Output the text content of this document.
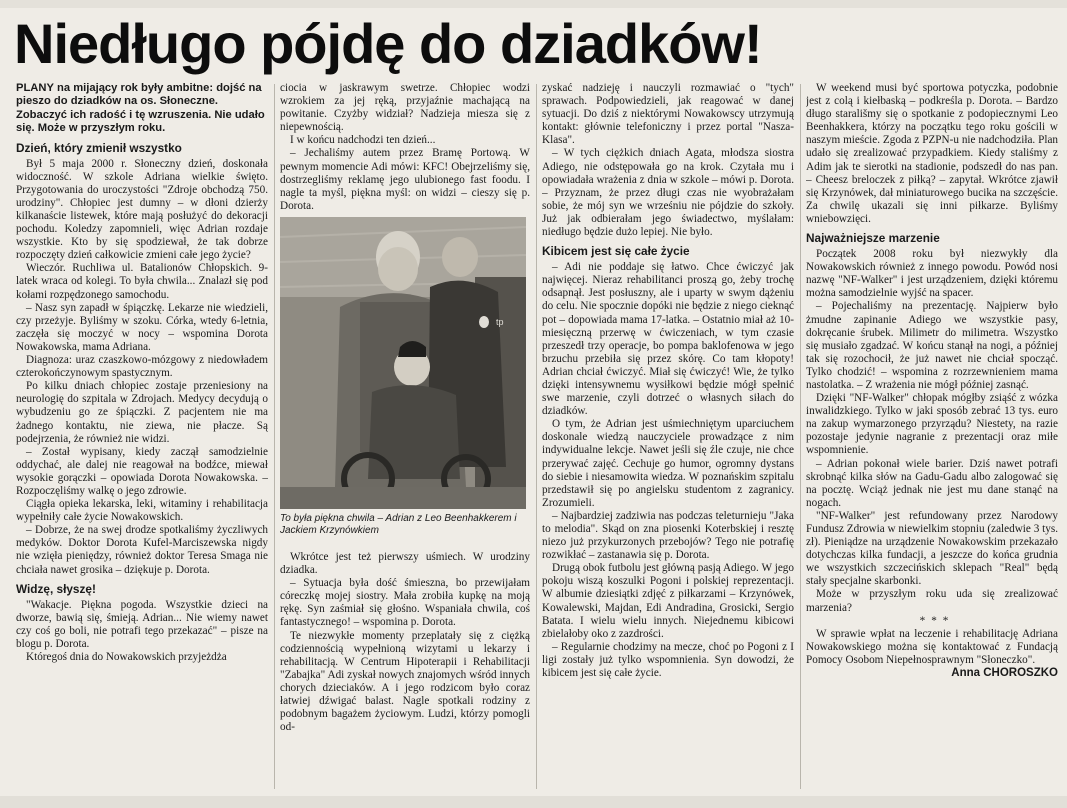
Niedługo pójdę do dziadków!

PLANY na mijający rok były ambitne: dojść na pieszo do dziadków na os. Słoneczne. Zobaczyć ich radość i tę wzruszenia. Nie udało się. Może w przyszłym roku.

Dzień, który zmienił wszystko

Był 5 maja 2000 r. Słoneczny dzień, doskonała widoczność. W szkole Adriana wielkie święto. Przygotowania do uroczystości "Zdroje obchodzą 750. urodziny". Chłopiec jest dumny – w dłoni dzierży kilkanaście listewek, które mają posłużyć do dekoracji pochodu. Koledzy zapomnieli, więc Adrian rozdaje wszystkie. Kto by się spodziewał, że tak dobrze rozpoczęty dzień całkowicie zmieni całe jego życie?

Wieczór. Ruchliwa ul. Batalionów Chłopskich. 9-latek wraca od kolegi. To była chwila... Znalazł się pod kołami rozpędzonego samochodu.

– Nasz syn zapadł w śpiączkę. Lekarze nie wiedzieli, czy przeżyje. Byliśmy w szoku. Córka, wtedy 6-letnia, zaczęła się moczyć w nocy – wspomina Dorota Nowakowska, mama Adriana.

Diagnoza: uraz czaszkowo-mózgowy z niedowładem czterokończynowym spastycznym.

Po kilku dniach chłopiec zostaje przeniesiony na neurologię do szpitala w Zdrojach. Medycy decydują o wybudzeniu go ze śpiączki. Z pacjentem nie ma żadnego kontaktu, nie ziewa, nie płacze. Są podejrzenia, że również nie widzi.

– Został wypisany, kiedy zaczął samodzielnie oddychać, ale dalej nie reagował na bodźce, miewał wysokie gorączki – opowiada Dorota Nowakowska. – Rozpoczęliśmy walkę o jego zdrowie.

Ciągła opieka lekarska, leki, witaminy i rehabilitacja wypełniły całe życie Nowakowskich.

– Dobrze, że na swej drodze spotkaliśmy życzliwych medyków. Doktor Dorota Kufel-Marciszewska nigdy nie wzięła pieniędzy, również doktor Teresa Smaga nie chciała nawet grosika – dziękuje p. Dorota.

Widzę, słyszę!

"Wakacje. Piękna pogoda. Wszystkie dzieci na dworze, bawią się, śmieją. Adrian... Nie wiemy nawet czy coś go boli, nie potrafi tego przekazać" – pisze na blogu p. Dorota.

Któregoś dnia do Nowakowskich przyjeżdża

ciocia w jaskrawym swetrze. Chłopiec wodzi wzrokiem za jej ręką, przyjaźnie machającą na powitanie. Czyżby widział? Nadzieja miesza się z niepewnością.

I w końcu nadchodzi ten dzień...

– Jechaliśmy autem przez Bramę Portową. W pewnym momencie Adi mówi: KFC! Obejrzeliśmy się, dostrzegliśmy reklamę jego ulubionego fast foodu. I nagle ta myśl, piękna myśl: on widzi – cieszy się p. Dorota.

tp
To była piękna chwila – Adrian z Leo Beenhakkerem i Jackiem Krzynówkiem

Wkrótce jest też pierwszy uśmiech. W urodziny dziadka.

– Sytuacja była dość śmieszna, bo przewijałam córeczkę mojej siostry. Mała zrobiła kupkę na moją rękę. Syn zaśmiał się głośno. Wspaniała chwila, coś fantastycznego! – wspomina p. Dorota.

Te niezwykłe momenty przeplatały się z ciężką codziennością wypełnioną wizytami u lekarzy i rehabilitacją. W Centrum Hipoterapii i Rehabilitacji "Zabajka" Adi zyskał nowych znajomych wśród innych chorych dzieciaków. A i jego rodzicom było coraz łatwiej dźwigać balast. Nagle spotkali rodziny z podobnym bagażem życiowym. Ludzi, którzy pomogli od-

zyskać nadzieję i nauczyli rozmawiać o "tych" sprawach. Podpowiedzieli, jak reagować w danej sytuacji. Do dziś z niektórymi Nowakowscy utrzymują kontakt: głównie telefoniczny i przez portal "Nasza-Klasa".

– W tych ciężkich dniach Agata, młodsza siostra Adiego, nie odstępowała go na krok. Czytała mu i opowiadała wrażenia z dnia w szkole – mówi p. Dorota. – Przyznam, że przez długi czas nie wyobrażałam sobie, że mój syn we wrześniu nie pójdzie do szkoły. Już jak odbierałam jego świadectwo, myślałam: niedługo będzie dużo lepiej. Nie było.

Kibicem jest się całe życie

– Adi nie poddaje się łatwo. Chce ćwiczyć jak najwięcej. Nieraz rehabilitanci proszą go, żeby trochę odsapnął. Jest posłuszny, ale i uparty w swym dążeniu do celu. Nie spocznie dopóki nie będzie z niego cieknąć pot – dopowiada mama 17-latka. – Ostatnio miał aż 10-miesięczną przerwę w ćwiczeniach, w tym czasie przeszedł trzy operacje, bo pompa baklofenowa w jego brzuchu przebiła się przez skórę. Co tam kłopoty! Adrian chciał ćwiczyć. Miał się ćwiczyć! Wie, że tylko dzięki intensywnemu wysiłkowi będzie mógł spełnić swe marzenie, czyli dotrzeć o własnych siłach do dziadków.

O tym, że Adrian jest uśmiechniętym uparciuchem doskonale wiedzą nauczyciele prowadzące z nim indywidualne lekcje. Nawet jeśli się źle czuje, nie chce przerywać zajęć. Cechuje go humor, ogromny dystans do siebie i niesamowita wiedza. W poznańskim szpitalu przedstawił się po angielsku studentom z zagranicy. Zrozumieli.

– Najbardziej zadziwia nas podczas teleturnieju "Jaka to melodia". Skąd on zna piosenki Koterbskiej i resztę niezo już przykurzonych przebojów? Tego nie potrafię rozwikłać – zastanawia się p. Dorota.

Drugą obok futbolu jest główną pasją Adiego. W jego pokoju wiszą koszulki Pogoni i polskiej reprezentacji. W albumie dziesiątki zdjęć z piłkarzami – Krzynówek, Kowalewski, Majdan, Edi Andradina, Grosicki, Sergio Batata. I wielu wielu innych. Niejednemu kibicowi zbielałoby oko z zazdrości.

– Regularnie chodzimy na mecze, choć po Pogoni z I ligi zostały już tylko wspomnienia. Syn dowodzi, że kibicem jest się całe życie.

W weekend musi być sportowa potyczka, podobnie jest z colą i kiełbaską – podkreśla p. Dorota. – Bardzo długo starališmy się o spotkanie z podopiecznymi Leo Beenhakkera, którzy na początku tego roku gościli w naszym mieście. Zgoda z PZPN-u nie nadchodziła. Plan udało się zrealizować przypadkiem. Kiedy staliśmy z Adim jak te sierotki na stadionie, podszedł do nas pan. – Cheesz breloczek z piłką? – zapytał. Wkrótce zjawił się Krzynówek, dał miniaturowego bucika na szczęście. Za chwilę ukazali się inni piłkarze. Byliśmy wniebowzięci.

Najważniejsze marzenie

Początek 2008 roku był niezwykły dla Nowakowskich również z innego powodu. Powód nosi nazwę "NF-Walker" i jest urządzeniem, dzięki któremu można samodzielnie wyjść na spacer.

– Pojechaliśmy na prezentację. Najpierw było żmudne zapinanie Adiego we wszystkie pasy, dokręcanie śrubek. Milimetr do milimetra. Wszystko się musiało zgadzać. W końcu stanął na nogi, a później tak się rozochocił, że już nawet nie chciał spocząć. Tylko chodzić! – wspomina z rozrzewnieniem mama nastolatka. – Z wrażenia nie mógł później zasnąć.

Dzięki "NF-Walker" chłopak mógłby zsiąść z wózka inwalidzkiego. Tylko w jaki sposób zebrać 13 tys. euro na zakup wymarzonego przyrządu? Niestety, na razie pozostaje jedynie nagranie z prezentacji oraz miłe wspomnienie.

– Adrian pokonał wiele barier. Dziś nawet potrafi skrobnąć kilka słów na Gadu-Gadu albo zalogować się na pocztę. Wciąż jednak nie jest mu dane stanąć na nogach.

"NF-Walker" jest refundowany przez Narodowy Fundusz Zdrowia w niewielkim stopniu (zaledwie 3 tys. zł). Pieniądze na urządzenie Nowakowskim przekazało dotychczas kilka fundacji, a jeszcze do końca grudnia we wszystkich szczecińskich sklepach "Real" będą stały specjalne skarbonki.

Może w przyszłym roku uda się zrealizować marzenia?

***

W sprawie wpłat na leczenie i rehabilitację Adriana Nowakowskiego można się kontaktować z Fundacją Pomocy Osobom Niepełnosprawnym "Słoneczko".

Anna CHOROSZKO
